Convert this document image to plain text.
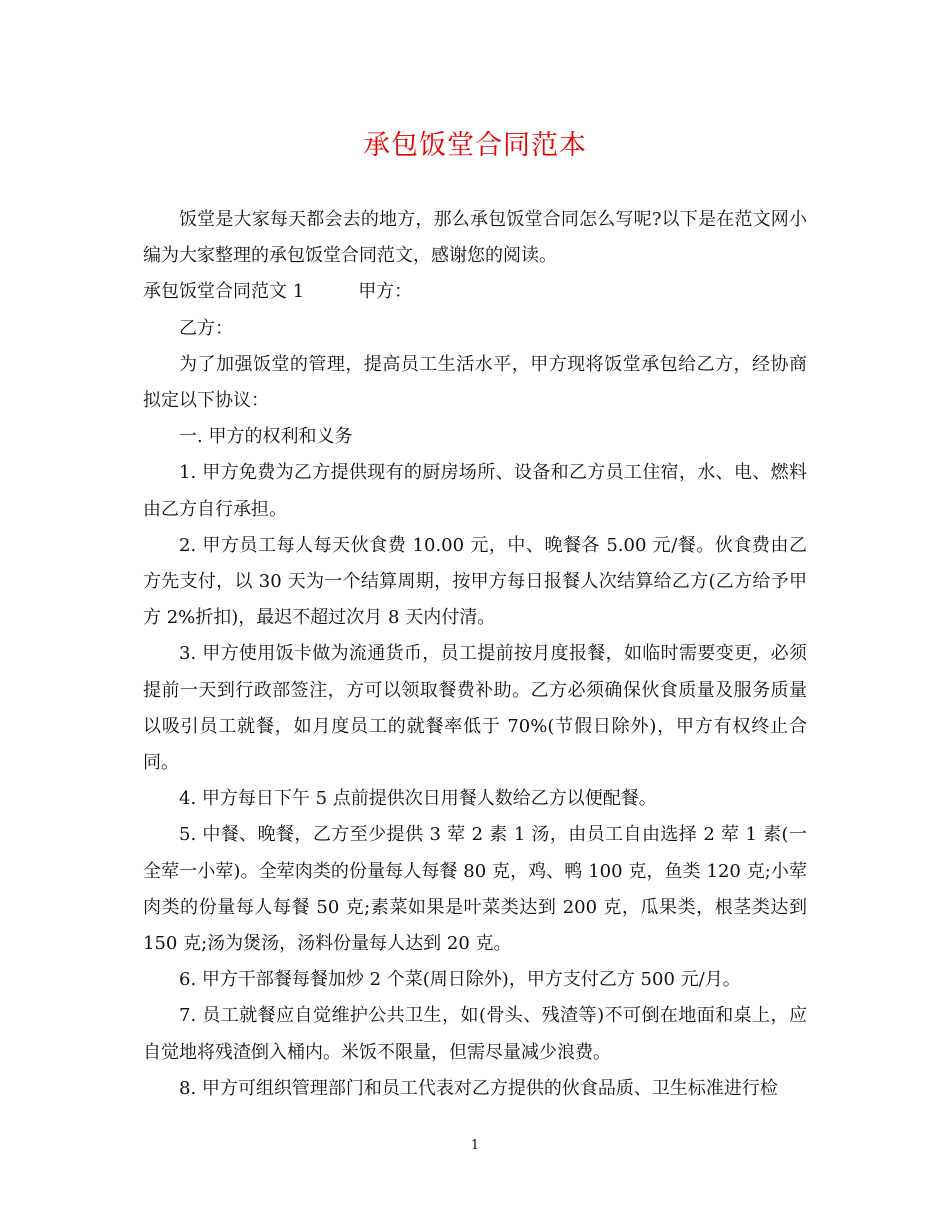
承包饭堂合同范本

饭堂是大家每天都会去的地方，那么承包饭堂合同怎么写呢?以下是在范文网小编为大家整理的承包饭堂合同范文，感谢您的阅读。

承包饭堂合同范文 1	甲方：

乙方：

为了加强饭堂的管理，提高员工生活水平，甲方现将饭堂承包给乙方，经协商拟定以下协议：

一. 甲方的权利和义务

1. 甲方免费为乙方提供现有的厨房场所、设备和乙方员工住宿，水、电、燃料由乙方自行承担。

2. 甲方员工每人每天伙食费 10.00 元，中、晚餐各 5.00 元/餐。伙食费由乙方先支付，以 30 天为一个结算周期，按甲方每日报餐人次结算给乙方(乙方给予甲方 2%折扣)，最迟不超过次月 8 天内付清。

3. 甲方使用饭卡做为流通货币，员工提前按月度报餐，如临时需要变更，必须提前一天到行政部签注，方可以领取餐费补助。乙方必须确保伙食质量及服务质量以吸引员工就餐，如月度员工的就餐率低于 70%(节假日除外)，甲方有权终止合同。

4. 甲方每日下午 5 点前提供次日用餐人数给乙方以便配餐。

5. 中餐、晚餐，乙方至少提供 3 荤 2 素 1 汤，由员工自由选择 2 荤 1 素(一全荤一小荤)。全荤肉类的份量每人每餐 80 克，鸡、鸭 100 克，鱼类 120 克;小荤肉类的份量每人每餐 50 克;素菜如果是叶菜类达到 200 克，瓜果类，根茎类达到 150 克;汤为煲汤，汤料份量每人达到 20 克。

6. 甲方干部餐每餐加炒 2 个菜(周日除外)，甲方支付乙方 500 元/月。

7. 员工就餐应自觉维护公共卫生，如(骨头、残渣等)不可倒在地面和桌上，应自觉地将残渣倒入桶内。米饭不限量，但需尽量减少浪费。

8. 甲方可组织管理部门和员工代表对乙方提供的伙食品质、卫生标准进行检

1
